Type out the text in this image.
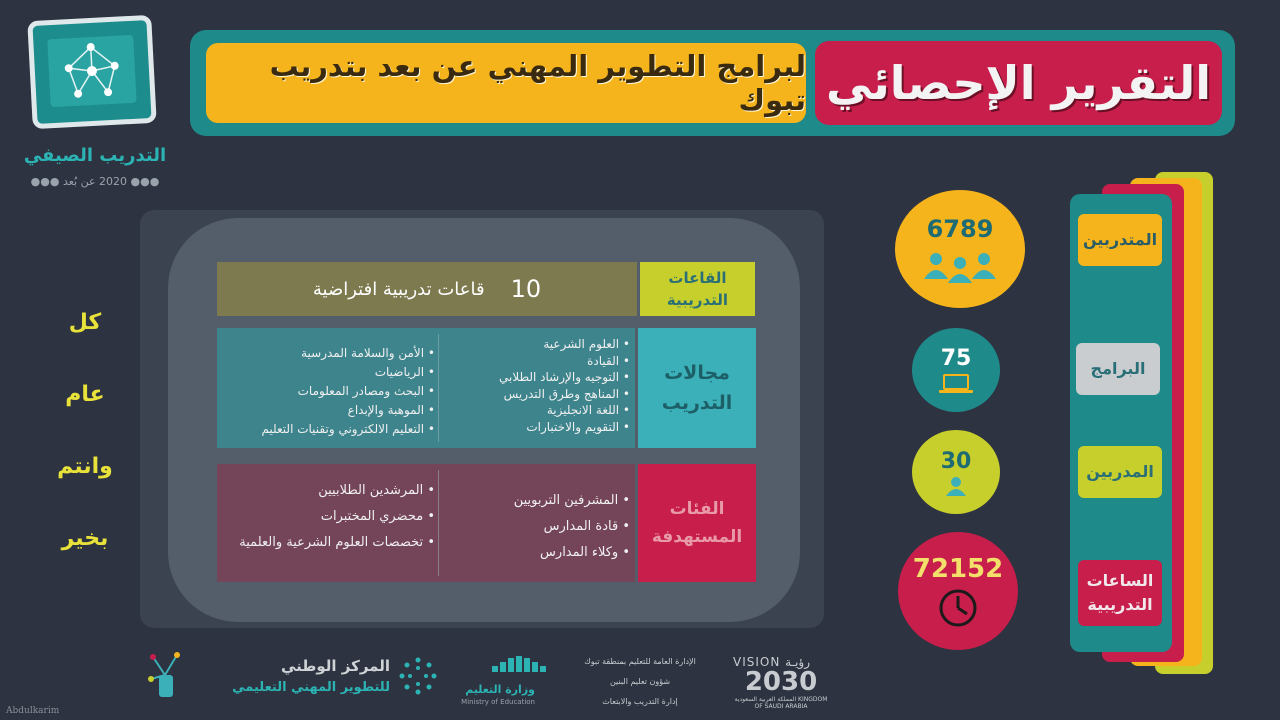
التقرير الإحصائي
لبرامج التطوير المهني عن بعد بتدريب تبوك
التدريب الصيفي
●●● 2020 عن بُعد ●●●
كل
عام
وانتم
بخير
القاعات التدريبية
10
قاعات تدريبية افتراضية
مجالات التدريب
• العلوم الشرعية
• القيادة
• التوجيه والإرشاد الطلابي
• المناهج وطرق التدريس
• اللغة الانجليزية
• التقويم والاختبارات
• الأمن والسلامة المدرسية
• الرياضيات
• البحث ومصادر المعلومات
• الموهبة والإبداع
• التعليم الالكتروني وتقنيات التعليم
الفئات المستهدفة
• المشرفين التربويين
• قادة المدارس
• وكلاء المدارس
• المرشدين الطلابيين
• محضري المختبرات
• تخصصات العلوم الشرعية والعلمية
6789
75
30
72152
المتدربين
البرامج
المدربين
الساعات التدريبية
المركز الوطني
للتطوير المهني التعليمي	وزارة التعليم
Ministry of Education
الإدارة العامة للتعليم بمنطقة تبوك
شؤون تعليم البنين
إدارة التدريب والابتعاث
VISION رؤيـة
2030
المملكة العربية السعودية KINGDOM OF SAUDI ARABIA
Abdulkarim
